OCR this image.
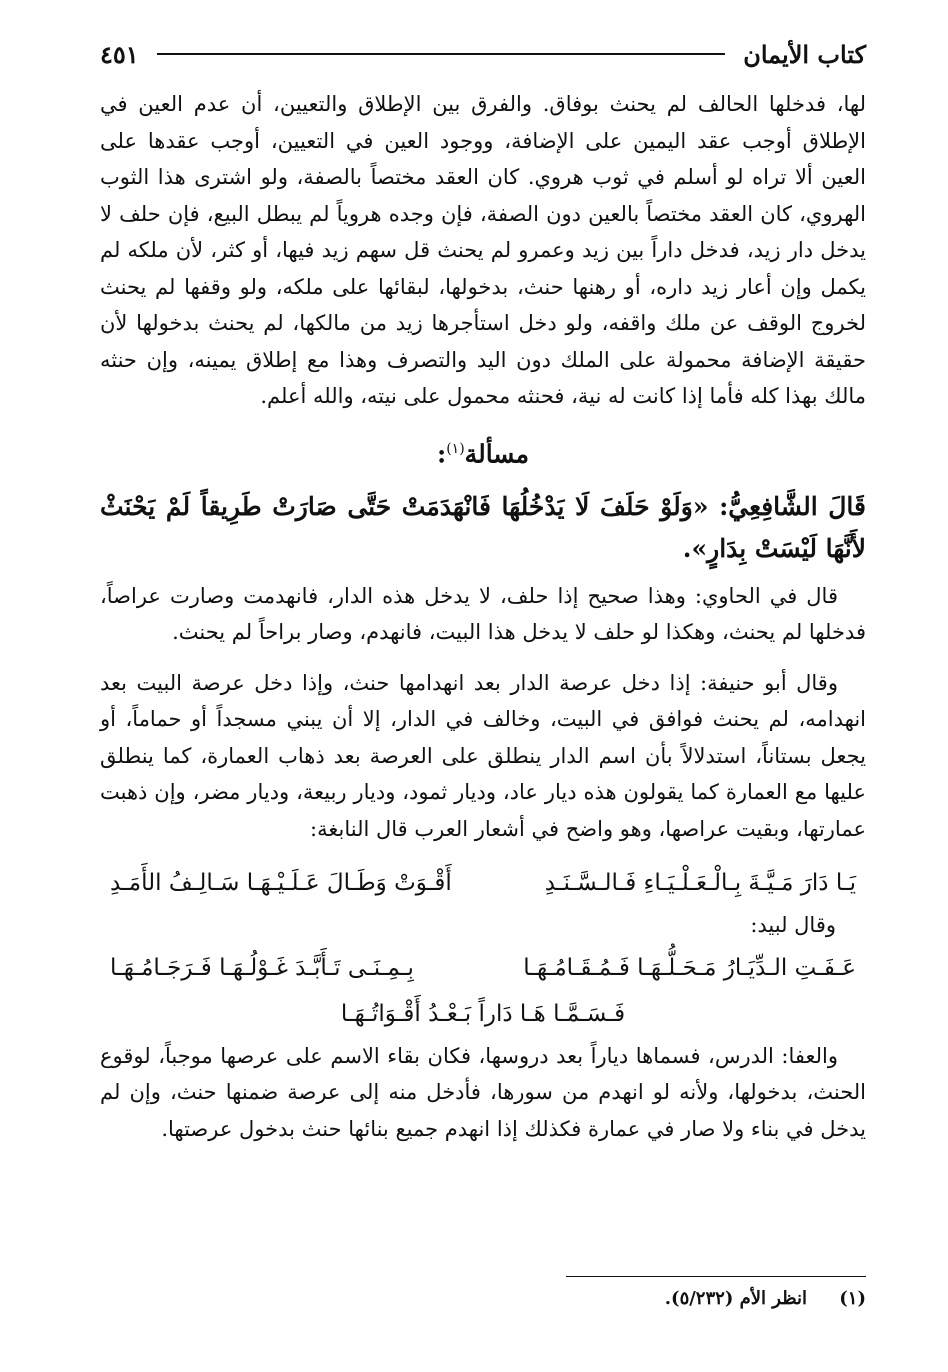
كتاب الأيمان
٤٥١

لها، فدخلها الحالف لم يحنث بوفاق. والفرق بين الإطلاق والتعيين، أن عدم العين في الإطلاق أوجب عقد اليمين على الإضافة، ووجود العين في التعيين، أوجب عقدها على العين ألا تراه لو أسلم في ثوب هروي. كان العقد مختصاً بالصفة، ولو اشترى هذا الثوب الهروي، كان العقد مختصاً بالعين دون الصفة، فإن وجده هروياً لم يبطل البيع، فإن حلف لا يدخل دار زيد، فدخل داراً بين زيد وعمرو لم يحنث قل سهم زيد فيها، أو كثر، لأن ملكه لم يكمل وإن أعار زيد داره، أو رهنها حنث، بدخولها، لبقائها على ملكه، ولو وقفها لم يحنث لخروج الوقف عن ملك واقفه، ولو دخل استأجرها زيد من مالكها، لم يحنث بدخولها لأن حقيقة الإضافة محمولة على الملك دون اليد والتصرف وهذا مع إطلاق يمينه، وإن حنثه مالك بهذا كله فأما إذا كانت له نية، فحنثه محمول على نيته، والله أعلم.

مسألة$^{(١)}$:

قَالَ الشَّافِعِيُّ: «وَلَوْ حَلَفَ لَا يَدْخُلُهَا فَانْهَدَمَتْ حَتَّى صَارَتْ طَرِيقاً لَمْ يَحْنَثْ لأَنَّهَا لَيْسَتْ بِدَارٍ».

قال في الحاوي: وهذا صحيح إذا حلف، لا يدخل هذه الدار، فانهدمت وصارت عراصاً، فدخلها لم يحنث، وهكذا لو حلف لا يدخل هذا البيت، فانهدم، وصار براحاً لم يحنث.

وقال أبو حنيفة: إذا دخل عرصة الدار بعد انهدامها حنث، وإذا دخل عرصة البيت بعد انهدامه، لم يحنث فوافق في البيت، وخالف في الدار، إلا أن يبني مسجداً أو حماماً، أو يجعل بستاناً، استدلالاً بأن اسم الدار ينطلق على العرصة بعد ذهاب العمارة، كما ينطلق عليها مع العمارة كما يقولون هذه ديار عاد، وديار ثمود، وديار ربيعة، وديار مضر، وإن ذهبت عمارتها، وبقيت عراصها، وهو واضح في أشعار العرب قال النابغة:

يَـا دَارَ مَـيَّـةَ بِـالْـعَـلْـيَـاءِ فَـالـسَّـنَـدِ
أَقْـوَتْ وَطَـالَ عَـلَـيْـهَـا سَـالِـفُ الأَمَـدِ

وقال لبيد:

عَـفَـتِ الـدِّيَـارُ مَـحَـلُّـهَـا فَـمُـقَـامُـهَـا
بِـمِـنَـى تَـأَبَّـدَ غَـوْلُـهَـا فَـرَجَـامُـهَـا
فَـسَـمَّـا هَـا دَاراً بَـعْـدُ أَقْـوَاتُـهَـا

والعفا: الدرس، فسماها دياراً بعد دروسها، فكان بقاء الاسم على عرصها موجباً، لوقوع الحنث، بدخولها، ولأنه لو انهدم من سورها، فأدخل منه إلى عرصة ضمنها حنث، وإن لم يدخل في بناء ولا صار في عمارة فكذلك إذا انهدم جميع بنائها حنث بدخول عرصتها.

(١) انظر الأم (٥/٢٣٢).
